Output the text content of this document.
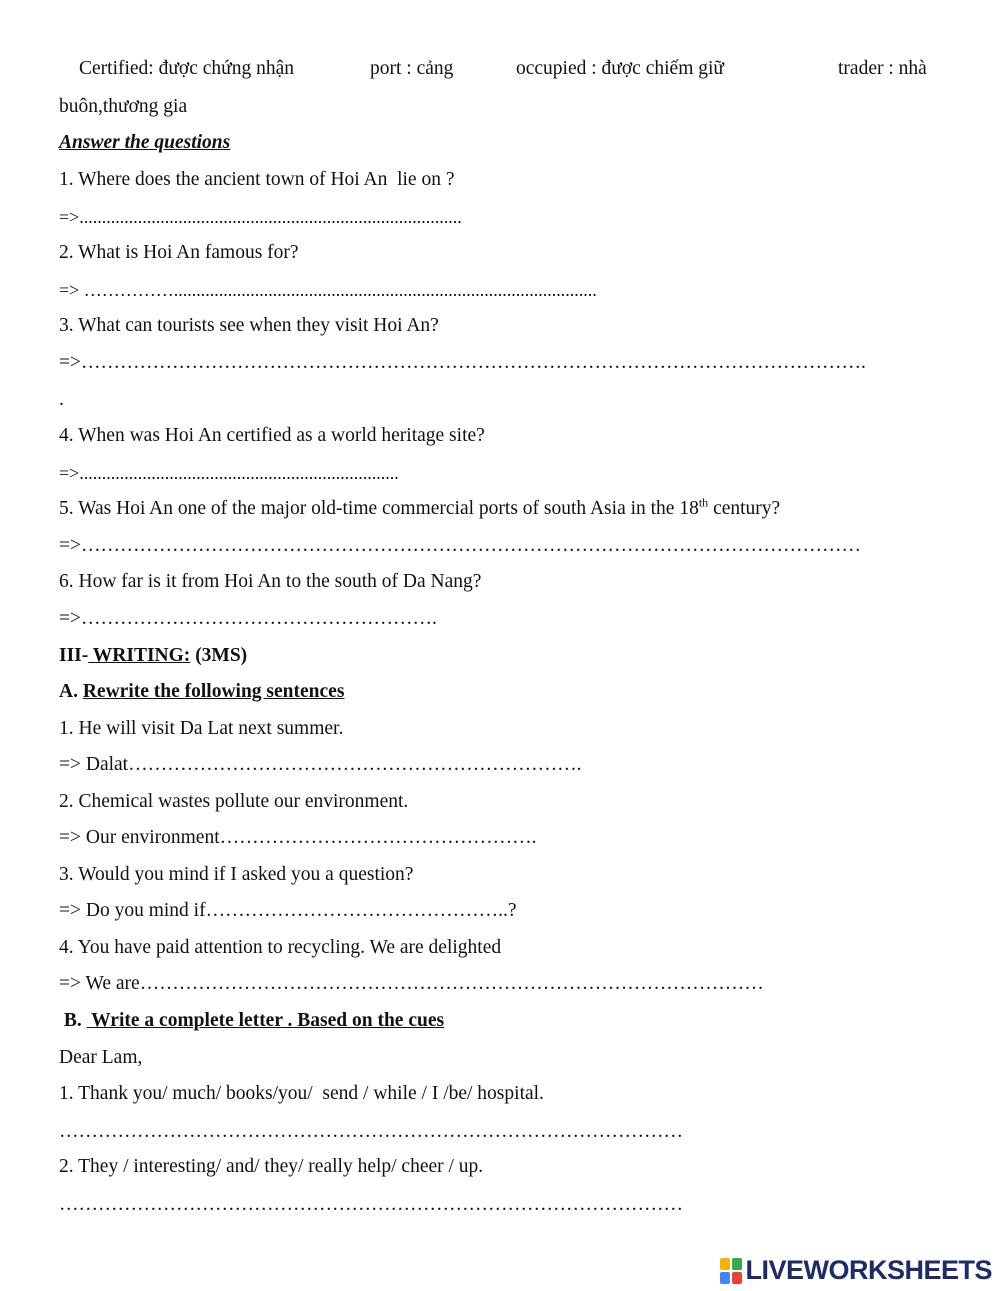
Certified: được chứng nhận	port : cảng	occupied : được chiếm giữ	trader : nhà
buôn,thương gia
Answer the questions
1. Where does the ancient town of Hoi An  lie on ?
=>.....................................................................................
2. What is Hoi An famous for?
=> ……………..............................................................................................
3. What can tourists see when they visit Hoi An?
=>………………………………………………………………………………………………………….
.
4. When was Hoi An certified as a world heritage site?
=>.......................................................................
5. Was Hoi An one of the major old-time commercial ports of south Asia in the 18th century?
=>…………………………………………………………………………………………………………
6. How far is it from Hoi An to the south of Da Nang?
=>……………………………………………….
III- WRITING: (3MS)
A. Rewrite the following sentences
1. He will visit Da Lat next summer.
=> Dalat…………………………………………………………….
2. Chemical wastes pollute our environment.
=> Our environment………………………………………….
3. Would you mind if I asked you a question?
=> Do you mind if………………………………………..?
4. You have paid attention to recycling. We are delighted
=> We are……………………………………………………………………………………
B.  Write a complete letter . Based on the cues
Dear Lam,
1. Thank you/ much/ books/you/  send / while / I /be/ hospital.
……………………………………………………………………………………
2. They / interesting/ and/ they/ really help/ cheer / up.
……………………………………………………………………………………
LIVEWORKSHEETS
